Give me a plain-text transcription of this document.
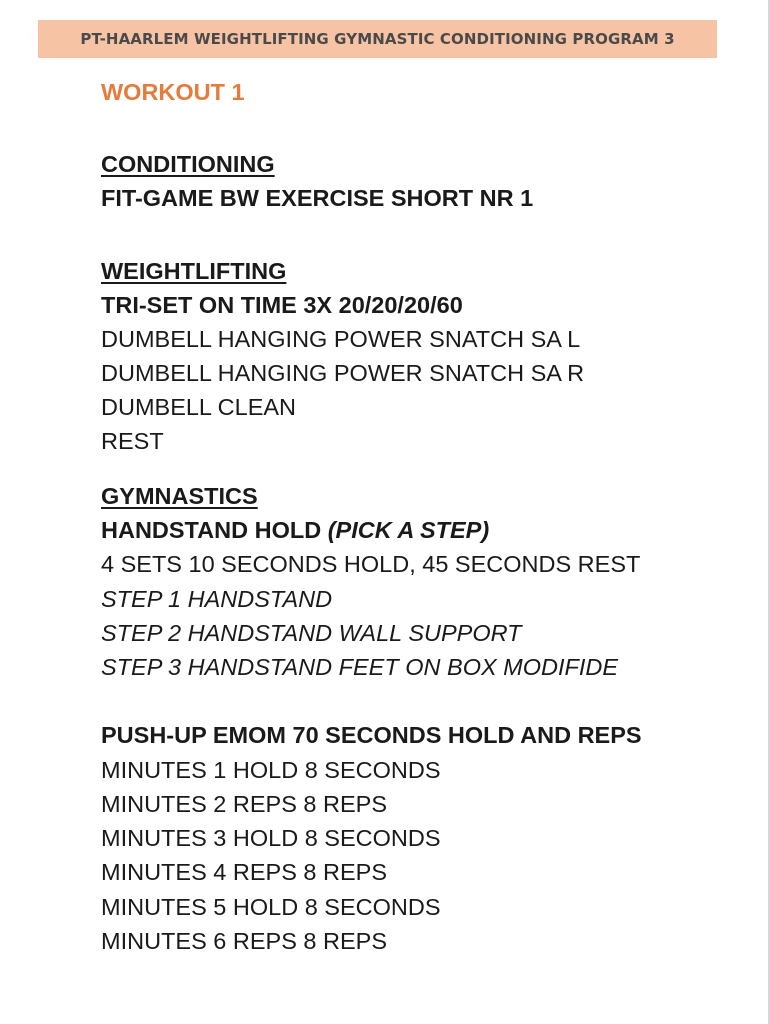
PT-HAARLEM WEIGHTLIFTING GYMNASTIC CONDITIONING PROGRAM 3
WORKOUT 1
CONDITIONING
FIT-GAME BW EXERCISE SHORT NR 1
WEIGHTLIFTING
TRI-SET ON TIME 3X 20/20/20/60
DUMBELL HANGING POWER SNATCH SA L
DUMBELL HANGING POWER SNATCH SA R
DUMBELL CLEAN
REST
GYMNASTICS
HANDSTAND HOLD (PICK A STEP)
4 SETS 10 SECONDS HOLD, 45 SECONDS REST
STEP 1 HANDSTAND
STEP 2 HANDSTAND WALL SUPPORT
STEP 3 HANDSTAND FEET ON BOX MODIFIDE
PUSH-UP EMOM 70 SECONDS HOLD AND REPS
MINUTES 1 HOLD 8 SECONDS
MINUTES 2 REPS 8 REPS
MINUTES 3 HOLD 8 SECONDS
MINUTES 4 REPS 8 REPS
MINUTES 5 HOLD 8 SECONDS
MINUTES 6 REPS 8 REPS
